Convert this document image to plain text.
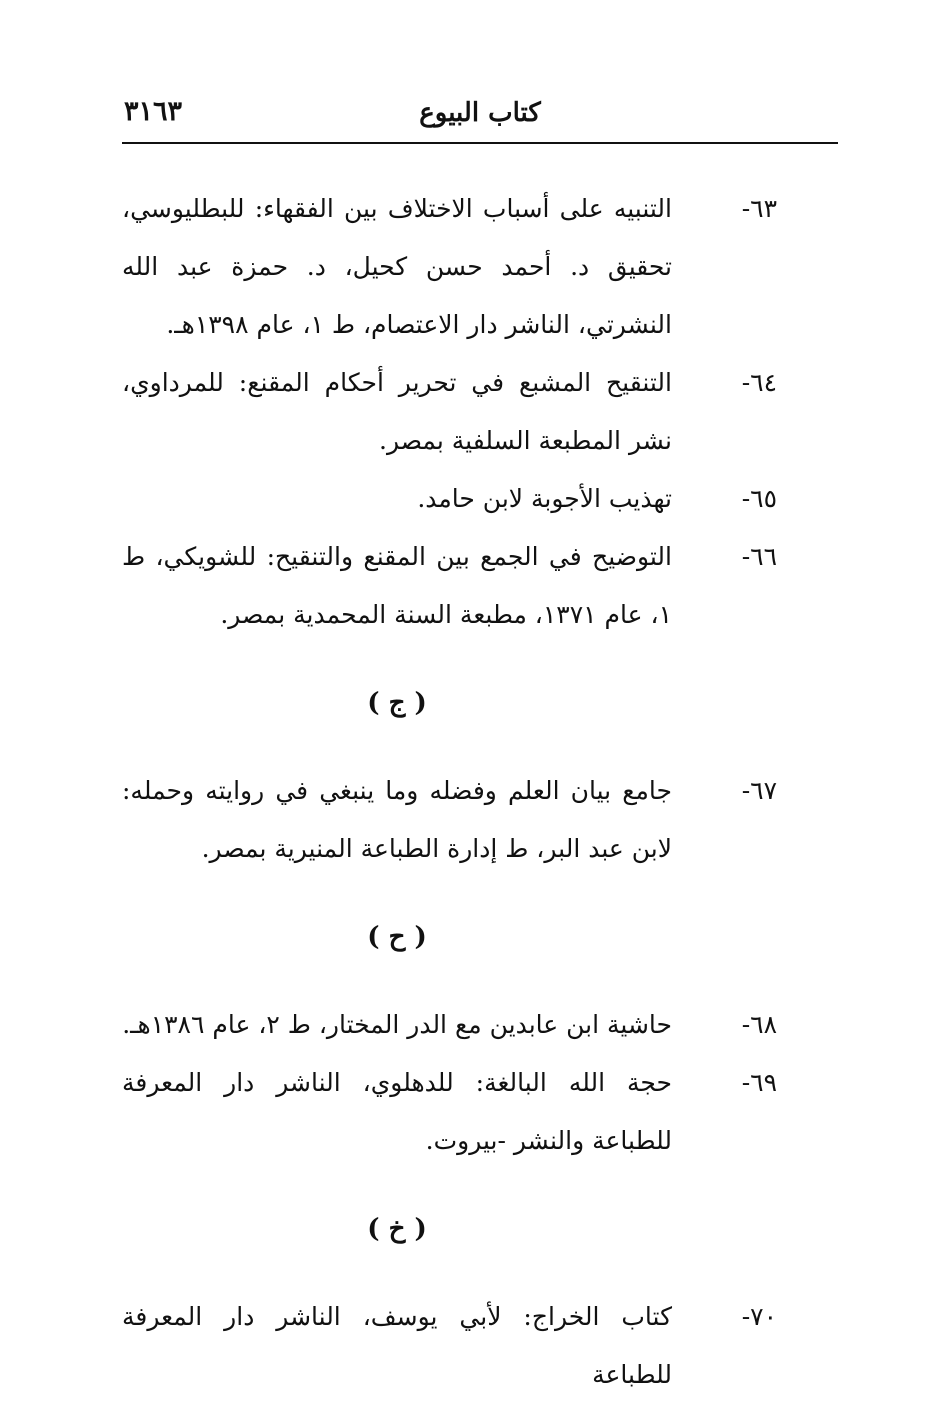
كتاب البيوع
٣١٦٣
٦٣-
التنبيه على أسباب الاختلاف بين الفقهاء: للبطليوسي، تحقيق د. أحمد حسن كحيل، د. حمزة عبد الله النشرتي، الناشر دار الاعتصام، ط ١، عام ١٣٩٨هـ.
٦٤-
التنقيح المشبع في تحرير أحكام المقنع: للمرداوي، نشر المطبعة السلفية بمصر.
٦٥-
تهذيب الأجوبة لابن حامد.
٦٦-
التوضيح في الجمع بين المقنع والتنقيح: للشويكي، ط ١، عام ١٣٧١، مطبعة السنة المحمدية بمصر.
( ج )
٦٧-
جامع بيان العلم وفضله وما ينبغي في روايته وحمله: لابن عبد البر، ط إدارة الطباعة المنيرية بمصر.
( ح )
٦٨-
حاشية ابن عابدين مع الدر المختار، ط ٢، عام ١٣٨٦هـ.
٦٩-
حجة الله البالغة: للدهلوي، الناشر دار المعرفة للطباعة والنشر -بيروت.
( خ )
٧٠-
كتاب الخراج: لأبي يوسف، الناشر دار المعرفة للطباعة
